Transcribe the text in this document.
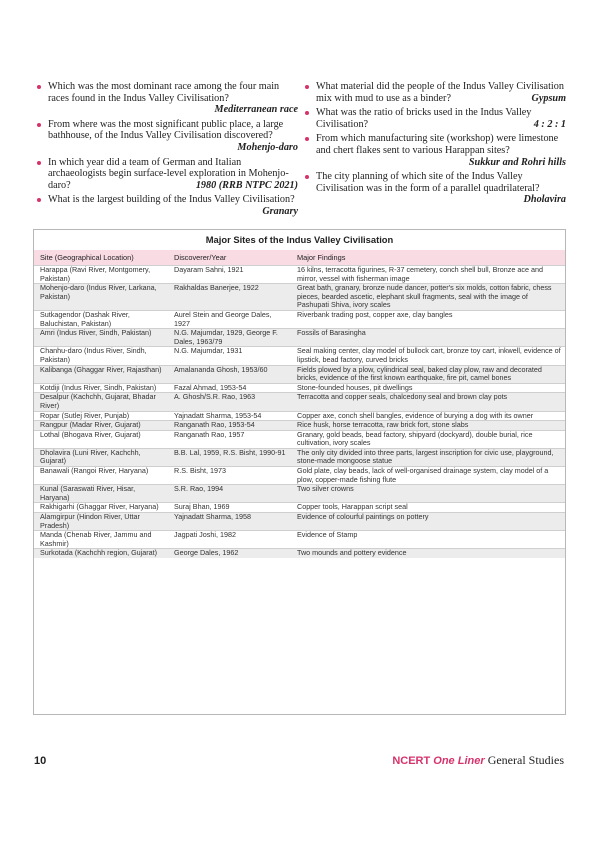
Which was the most dominant race among the four main races found in the Indus Valley Civilisation?
Mediterranean race
From where was the most significant public place, a large bathhouse, of the Indus Valley Civilisation discovered?
Mohenjo-daro
In which year did a team of German and Italian archaeologists begin surface-level exploration in Mohenjo-daro?	1980 (RRB NTPC 2021)
What is the largest building of the Indus Valley Civilisation?
Granary
What material did the people of the Indus Valley Civilisation mix with mud to use as a binder?	Gypsum
What was the ratio of bricks used in the Indus Valley Civilisation?	4 : 2 : 1
From which manufacturing site (workshop) were limestone and chert flakes sent to various Harappan sites?
Sukkur and Rohri hills
The city planning of which site of the Indus Valley Civilisation was in the form of a parallel quadrilateral?
Dholavira
Major Sites of the Indus Valley Civilisation
Site (Geographical Location)	Discoverer/Year	Major Findings
Harappa (Ravi River, Montgomery, Pakistan)	Dayaram Sahni, 1921	16 kilns, terracotta figurines, R-37 cemetery, conch shell bull, Bronze ace and mirror, vessel with fisherman image
Mohenjo-daro (Indus River, Larkana, Pakistan)	Rakhaldas Banerjee, 1922	Great bath, granary, bronze nude dancer, potter's six molds, cotton fabric, chess pieces, bearded ascetic, elephant skull fragments, seal with the image of Pashupati Shiva, ivory scales
Sutkagendor (Dashak River, Baluchistan, Pakistan)	Aurel Stein and George Dales, 1927	Riverbank trading post, copper axe, clay bangles
Amri (Indus River, Sindh, Pakistan)	N.G. Majumdar, 1929, George F. Dales, 1963/79	Fossils of Barasingha
Chanhu-daro (Indus River, Sindh, Pakistan)	N.G. Majumdar, 1931	Seal making center, clay model of bullock cart, bronze toy cart, inkwell, evidence of lipstick, bead factory, curved bricks
Kalibanga (Ghaggar River, Rajasthan)	Amalananda Ghosh, 1953/60	Fields plowed by a plow, cylindrical seal, baked clay plow, raw and decorated bricks, evidence of the first known earthquake, fire pit, camel bones
Kotdiji (Indus River, Sindh, Pakistan)	Fazal Ahmad, 1953-54	Stone-founded houses, pit dwellings
Desalpur (Kachchh, Gujarat, Bhadar River)	A. Ghosh/S.R. Rao, 1963	Terracotta and copper seals, chalcedony seal and brown clay pots
Ropar (Sutlej River, Punjab)	Yajnadatt Sharma, 1953-54	Copper axe, conch shell bangles, evidence of burying a dog with its owner
Rangpur (Madar River, Gujarat)	Ranganath Rao, 1953-54	Rice husk, horse terracotta, raw brick fort, stone slabs
Lothal (Bhogava River, Gujarat)	Ranganath Rao, 1957	Granary, gold beads, bead factory, shipyard (dockyard), double burial, rice cultivation, ivory scales
Dholavira (Luni River, Kachchh, Gujarat)	B.B. Lal, 1959, R.S. Bisht, 1990-91	The only city divided into three parts, largest inscription for civic use, playground, stone-made mongoose statue
Banawali (Rangoi River, Haryana)	R.S. Bisht, 1973	Gold plate, clay beads, lack of well-organised drainage system, clay model of a plow, copper-made fishing flute
Kunal (Saraswati River, Hisar, Haryana)	S.R. Rao, 1994	Two silver crowns
Rakhigarhi (Ghaggar River, Haryana)	Suraj Bhan, 1969	Copper tools, Harappan script seal
Alamgirpur (Hindon River, Uttar Pradesh)	Yajnadatt Sharma, 1958	Evidence of colourful paintings on pottery
Manda (Chenab River, Jammu and Kashmir)	Jagpati Joshi, 1982	Evidence of Stamp
Surkotada (Kachchh region, Gujarat)	George Dales, 1962	Two mounds and pottery evidence
10	NCERT One Liner General Studies
